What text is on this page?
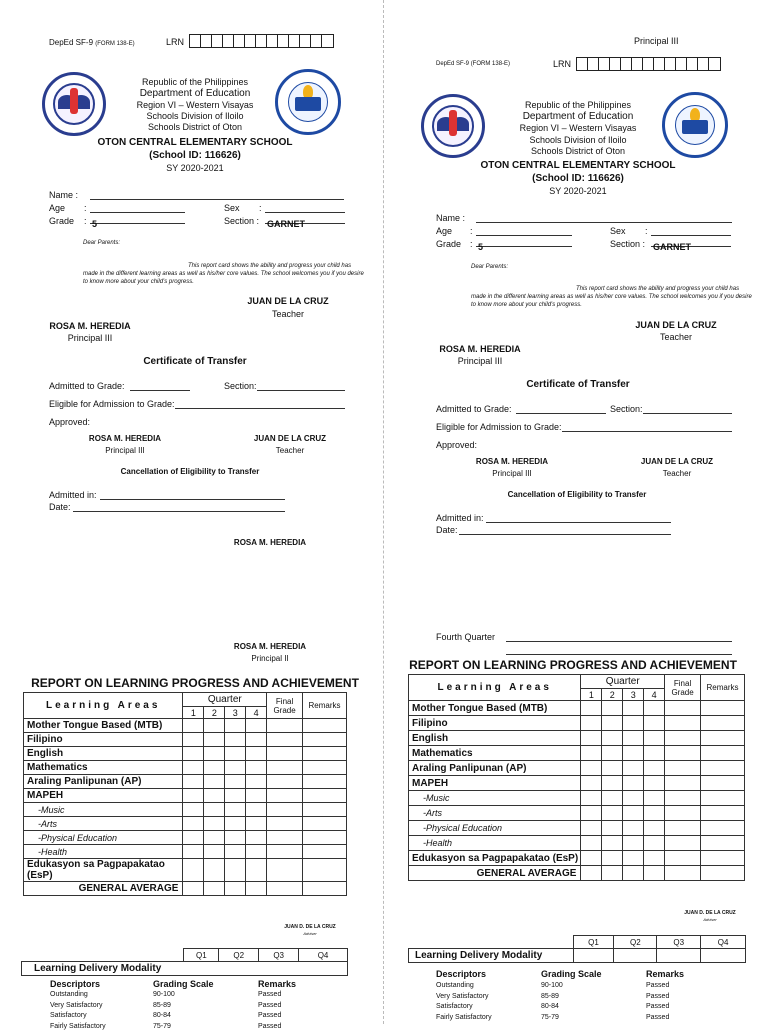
DepEd SF-9 (FORM 138-E)	LRN
Republic of the Philippines
Department of Education
Region VI – Western Visayas
Schools Division of Iloilo
Schools District of Oton
OTON CENTRAL ELEMENTARY SCHOOL
(School ID: 116626)
SY 2020-2021
Name :
Age :	Sex :
Grade : 5	Section : GARNET
Dear Parents:
This report card shows the ability and progress your child has made in the different learning areas as well as his/her core values. The school welcomes you if you desire to know more about your child's progress.
JUAN DE LA CRUZ
Teacher
ROSA M. HEREDIA
Principal III
Certificate of Transfer
Admitted to Grade:	Section:
Eligible for Admission to Grade:
Approved:
ROSA M. HEREDIA
Principal III
JUAN DE LA CRUZ
Teacher
Cancellation of Eligibility to Transfer
Admitted in:
Date:
ROSA M. HEREDIA
Principal III
DepEd SF-9 (FORM 138-E)	LRN
Republic of the Philippines
Department of Education
Region VI – Western Visayas
Schools Division of Iloilo
Schools District of Oton
OTON CENTRAL ELEMENTARY SCHOOL
(School ID: 116626)
SY 2020-2021
Name :
Age :	Sex :
Grade : 5	Section : GARNET
Dear Parents:
This report card shows the ability and progress your child has made in the different learning areas as well as his/her core values. The school welcomes you if you desire to know more about your child's progress.
JUAN DE LA CRUZ
Teacher
ROSA M. HEREDIA
Principal III
Certificate of Transfer
Admitted to Grade:	Section:
Eligible for Admission to Grade:
Approved:
ROSA M. HEREDIA
Principal III
JUAN DE LA CRUZ
Teacher
Cancellation of Eligibility to Transfer
Admitted in:
Date:
ROSA M. HEREDIA
Principal II
REPORT ON LEARNING PROGRESS AND ACHIEVEMENT
Learning Areas	Quarter				Final Grade	Remarks
	1	2	3	4		
Mother Tongue Based (MTB)						
Filipino						
English						
Mathematics						
Araling Panlipunan (AP)						
MAPEH						
-Music						
-Arts						
-Physical Education						
-Health						
Edukasyon sa Pagpapakatao (EsP)						
GENERAL AVERAGE						
JUAN D. DE LA CRUZ
Adviser
	Q1	Q2	Q3	Q4
Learning Delivery Modality
Descriptors	Grading Scale	Remarks
Outstanding	90-100	Passed
Very Satisfactory	85-89	Passed
Satisfactory	80-84	Passed
Fairly Satisfactory	75-79	Passed
Fourth Quarter
REPORT ON LEARNING PROGRESS AND ACHIEVEMENT
Learning Areas	Quarter				Final Grade	Remarks
	1	2	3	4		
Mother Tongue Based (MTB)						
Filipino						
English						
Mathematics						
Araling Panlipunan (AP)						
MAPEH						
-Music						
-Arts						
-Physical Education						
-Health						
Edukasyon sa Pagpapakatao (EsP)						
GENERAL AVERAGE						
JUAN D. DE LA CRUZ
Adviser
	Q1	Q2	Q3	Q4
Learning Delivery Modality				
Descriptors	Grading Scale	Remarks
Outstanding	90-100	Passed
Very Satisfactory	85-89	Passed
Satisfactory	80-84	Passed
Fairly Satisfactory	75-79	Passed
